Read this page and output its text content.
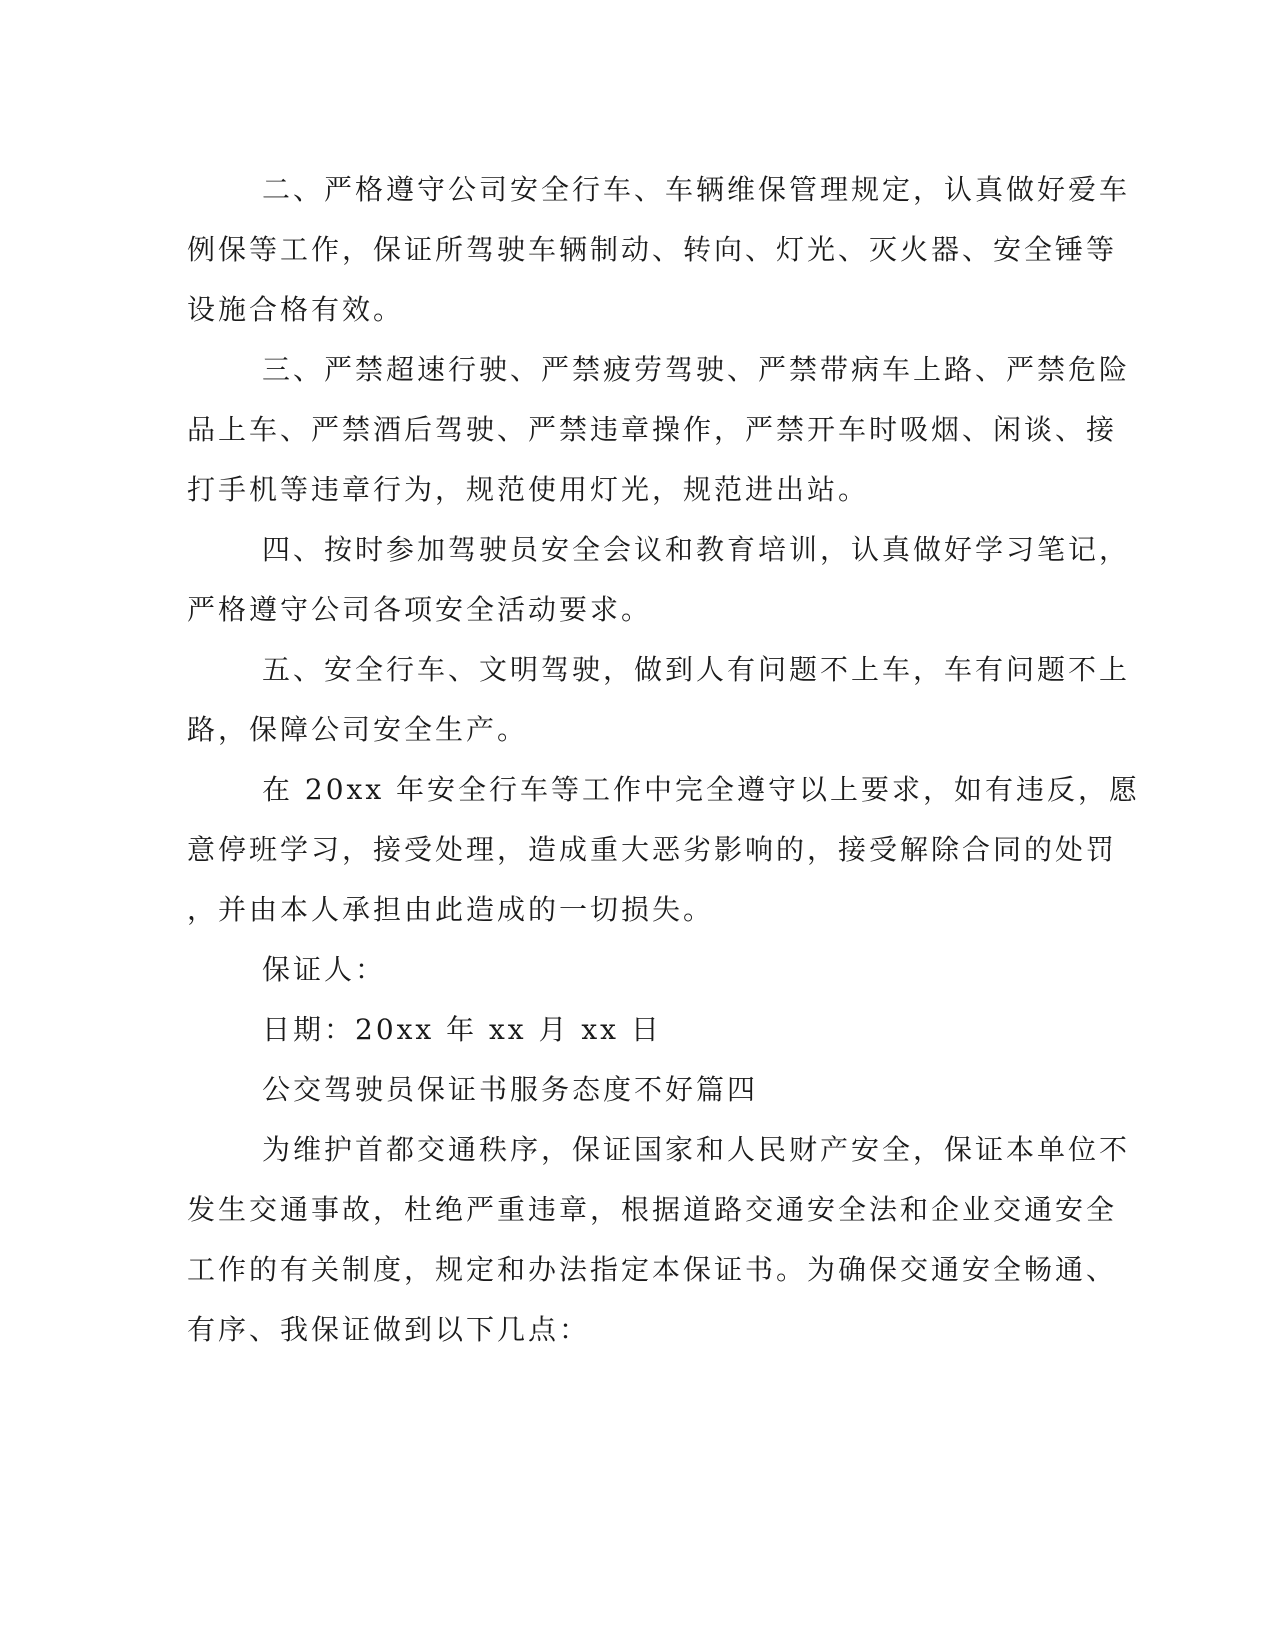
二、严格遵守公司安全行车、车辆维保管理规定，认真做好爱车
例保等工作，保证所驾驶车辆制动、转向、灯光、灭火器、安全锤等
设施合格有效。
三、严禁超速行驶、严禁疲劳驾驶、严禁带病车上路、严禁危险
品上车、严禁酒后驾驶、严禁违章操作，严禁开车时吸烟、闲谈、接
打手机等违章行为，规范使用灯光，规范进出站。
四、按时参加驾驶员安全会议和教育培训，认真做好学习笔记，
严格遵守公司各项安全活动要求。
五、安全行车、文明驾驶，做到人有问题不上车，车有问题不上
路，保障公司安全生产。
在 20xx 年安全行车等工作中完全遵守以上要求，如有违反，愿
意停班学习，接受处理，造成重大恶劣影响的，接受解除合同的处罚
，并由本人承担由此造成的一切损失。
保证人：
日期：20xx 年 xx 月 xx 日
公交驾驶员保证书服务态度不好篇四
为维护首都交通秩序，保证国家和人民财产安全，保证本单位不
发生交通事故，杜绝严重违章，根据道路交通安全法和企业交通安全
工作的有关制度，规定和办法指定本保证书。为确保交通安全畅通、
有序、我保证做到以下几点：
